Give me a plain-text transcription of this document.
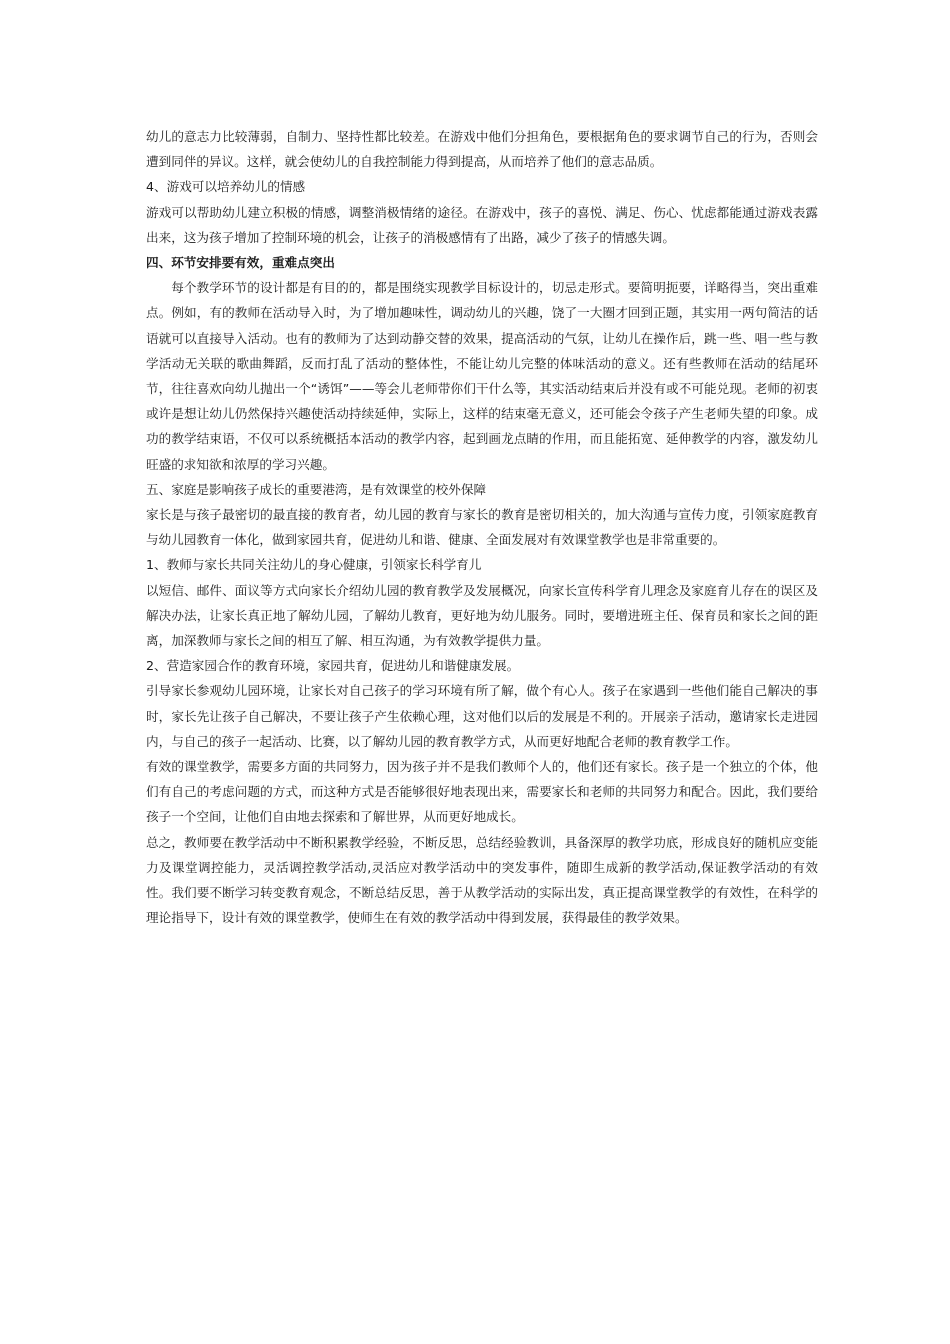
幼儿的意志力比较薄弱，自制力、坚持性都比较差。在游戏中他们分担角色，要根据角色的要求调节自己的行为，否则会遭到同伴的异议。这样，就会使幼儿的自我控制能力得到提高，从而培养了他们的意志品质。

4、游戏可以培养幼儿的情感

游戏可以帮助幼儿建立积极的情感，调整消极情绪的途径。在游戏中，孩子的喜悦、满足、伤心、忧虑都能通过游戏表露出来，这为孩子增加了控制环境的机会，让孩子的消极感情有了出路，减少了孩子的情感失调。

四、环节安排要有效，重难点突出

每个教学环节的设计都是有目的的，都是围绕实现教学目标设计的，切忌走形式。要简明扼要，详略得当，突出重难点。例如，有的教师在活动导入时，为了增加趣味性，调动幼儿的兴趣，饶了一大圈才回到正题，其实用一两句简洁的话语就可以直接导入活动。也有的教师为了达到动静交替的效果，提高活动的气氛，让幼儿在操作后，跳一些、唱一些与教学活动无关联的歌曲舞蹈，反而打乱了活动的整体性，不能让幼儿完整的体味活动的意义。还有些教师在活动的结尾环节，往往喜欢向幼儿抛出一个“诱饵”——等会儿老师带你们干什么等，其实活动结束后并没有或不可能兑现。老师的初衷或许是想让幼儿仍然保持兴趣使活动持续延伸，实际上，这样的结束毫无意义，还可能会令孩子产生老师失望的印象。成功的教学结束语，不仅可以系统概括本活动的教学内容，起到画龙点睛的作用，而且能拓宽、延伸教学的内容，激发幼儿旺盛的求知欲和浓厚的学习兴趣。

五、家庭是影响孩子成长的重要港湾，是有效课堂的校外保障

家长是与孩子最密切的最直接的教育者，幼儿园的教育与家长的教育是密切相关的，加大沟通与宣传力度，引领家庭教育与幼儿园教育一体化，做到家园共育，促进幼儿和谐、健康、全面发展对有效课堂教学也是非常重要的。

1、教师与家长共同关注幼儿的身心健康，引领家长科学育儿

以短信、邮件、面议等方式向家长介绍幼儿园的教育教学及发展概况，向家长宣传科学育儿理念及家庭育儿存在的误区及解决办法，让家长真正地了解幼儿园，了解幼儿教育，更好地为幼儿服务。同时，要增进班主任、保育员和家长之间的距离，加深教师与家长之间的相互了解、相互沟通，为有效教学提供力量。

2、营造家园合作的教育环境，家园共育，促进幼儿和谐健康发展。

引导家长参观幼儿园环境，让家长对自己孩子的学习环境有所了解，做个有心人。孩子在家遇到一些他们能自己解决的事时，家长先让孩子自己解决，不要让孩子产生依赖心理，这对他们以后的发展是不利的。开展亲子活动，邀请家长走进园内，与自己的孩子一起活动、比赛，以了解幼儿园的教育教学方式，从而更好地配合老师的教育教学工作。

有效的课堂教学，需要多方面的共同努力，因为孩子并不是我们教师个人的，他们还有家长。孩子是一个独立的个体，他们有自己的考虑问题的方式，而这种方式是否能够很好地表现出来，需要家长和老师的共同努力和配合。因此，我们要给孩子一个空间，让他们自由地去探索和了解世界，从而更好地成长。

总之，教师要在教学活动中不断积累教学经验，不断反思，总结经验教训，具备深厚的教学功底，形成良好的随机应变能力及课堂调控能力，灵活调控教学活动,灵活应对教学活动中的突发事件，随即生成新的教学活动,保证教学活动的有效性。我们要不断学习转变教育观念，不断总结反思，善于从教学活动的实际出发，真正提高课堂教学的有效性，在科学的理论指导下，设计有效的课堂教学，使师生在有效的教学活动中得到发展，获得最佳的教学效果。
